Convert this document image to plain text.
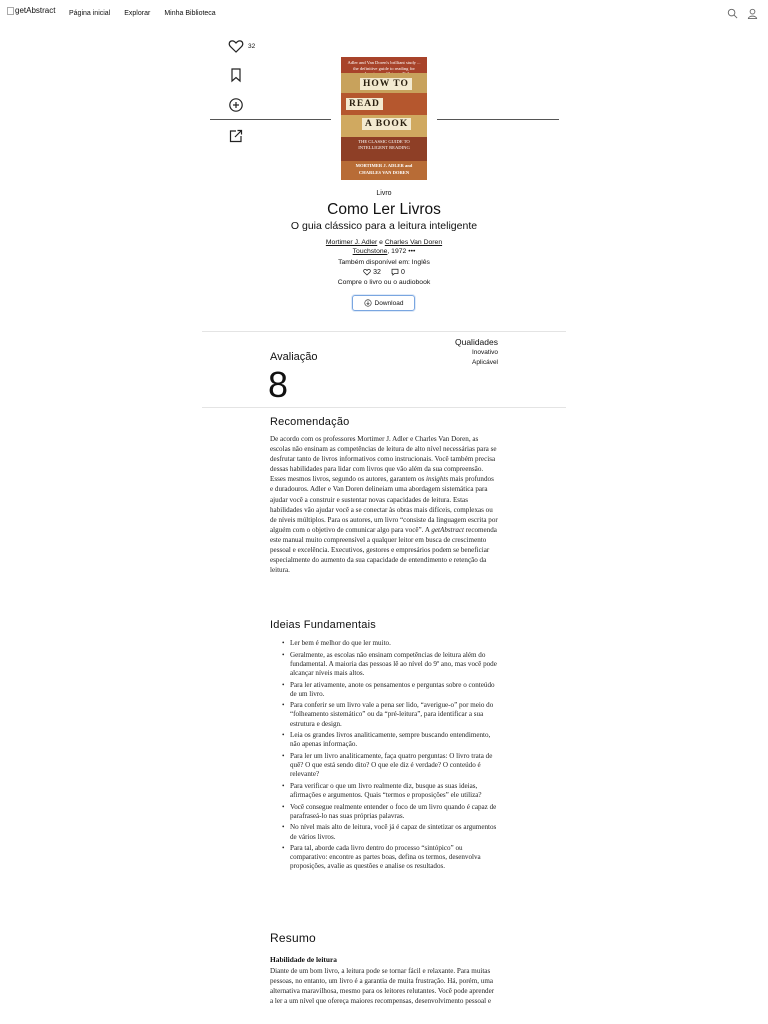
getAbstract Página inicial Explorar Minha Biblioteca
32
Adler and Van Doren's brilliant study ... the definitive guide to reading for
HOW TO
READ
A BOOK
THE CLASSIC GUIDE TO INTELLIGENT READING
MORTIMER J. ADLER and
CHARLES VAN DOREN
Livro
Como Ler Livros
O guia clássico para a leitura inteligente
Mortimer J. Adler e Charles Van Doren
Touchstone, 1972 •••
Também disponível em: Inglês
32	0
Compre o livro ou o audiobook
Download
Avaliação
8
Qualidades
Inovativo
Aplicável
Recomendação

De acordo com os professores Mortimer J. Adler e Charles Van Doren, as escolas não ensinam as competências de leitura de alto nível necessárias para se desfrutar tanto de livros informativos como instrucionais. Você também precisa dessas habilidades para lidar com livros que vão além da sua compreensão. Esses mesmos livros, segundo os autores, garantem os insights mais profundos e duradouros. Adler e Van Doren delineiam uma abordagem sistemática para ajudar você a construir e sustentar novas capacidades de leitura. Estas habilidades vão ajudar você a se conectar às obras mais difíceis, complexas ou de níveis múltiplos. Para os autores, um livro “consiste da linguagem escrita por alguém com o objetivo de comunicar algo para você”. A getAbstract recomenda este manual muito compreensível a qualquer leitor em busca de crescimento pessoal e excelência. Executivos, gestores e empresários podem se beneficiar especialmente do aumento da sua capacidade de entendimento e retenção da leitura.

Ideias Fundamentais
• Ler bem é melhor do que ler muito.
• Geralmente, as escolas não ensinam competências de leitura além do fundamental. A maioria das pessoas lê ao nível do 9º ano, mas você pode alcançar níveis mais altos.
• Para ler ativamente, anote os pensamentos e perguntas sobre o conteúdo de um livro.
• Para conferir se um livro vale a pena ser lido, “averigue-o” por meio do “folheamento sistemático” ou da “pré-leitura”, para identificar a sua estrutura e design.
• Leia os grandes livros analiticamente, sempre buscando entendimento, não apenas informação.
• Para ler um livro analiticamente, faça quatro perguntas: O livro trata de quê? O que está sendo dito? O que ele diz é verdade? O conteúdo é relevante?
• Para verificar o que um livro realmente diz, busque as suas ideias, afirmações e argumentos. Quais “termos e proposições” ele utiliza?
• Você consegue realmente entender o foco de um livro quando é capaz de parafraseá-lo nas suas próprias palavras.
• No nível mais alto de leitura, você já é capaz de sintetizar os argumentos de vários livros.
• Para tal, aborde cada livro dentro do processo “sintópico” ou comparativo: encontre as partes boas, defina os termos, desenvolva proposições, avalie as questões e analise os resultados.
Resumo
Habilidade de leitura

Diante de um bom livro, a leitura pode se tornar fácil e relaxante. Para muitas pessoas, no entanto, um livro é a garantia de muita frustração. Há, porém, uma alternativa maravilhosa, mesmo para os leitores relutantes. Você pode aprender a ler a um nível que ofereça maiores recompensas, desenvolvimento pessoal e
